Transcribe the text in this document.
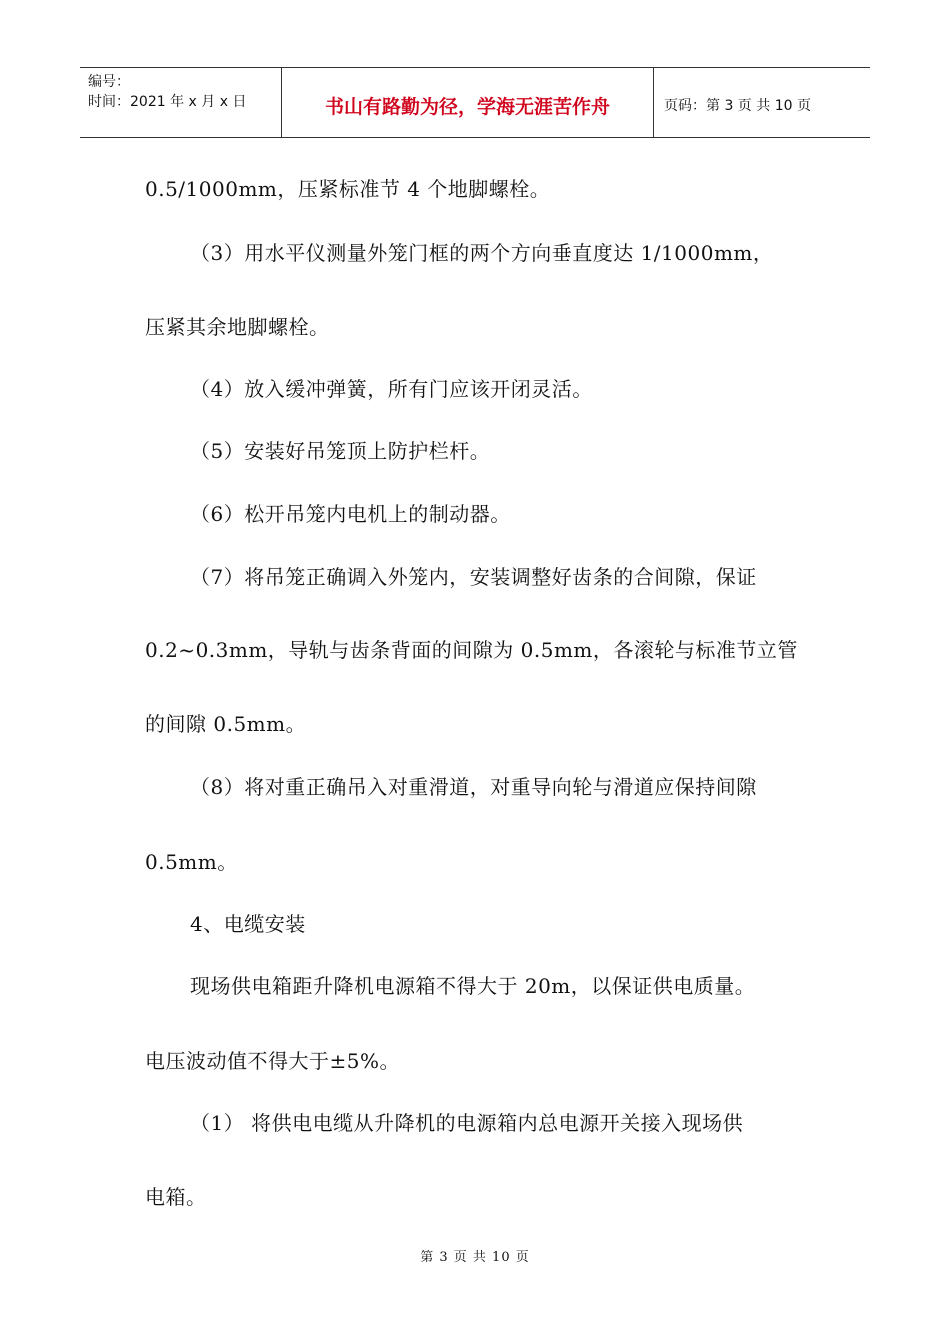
编号：
时间：2021 年 x 月 x 日	书山有路勤为径，学海无涯苦作舟	页码：第 3 页 共 10 页
0.5/1000mm，压紧标准节 4 个地脚螺栓。
（3）用水平仪测量外笼门框的两个方向垂直度达 1/1000mm，
压紧其余地脚螺栓。
（4）放入缓冲弹簧，所有门应该开闭灵活。
（5）安装好吊笼顶上防护栏杆。
（6）松开吊笼内电机上的制动器。
（7）将吊笼正确调入外笼内，安装调整好齿条的合间隙，保证
0.2~0.3mm，导轨与齿条背面的间隙为 0.5mm，各滚轮与标准节立管
的间隙 0.5mm。
（8）将对重正确吊入对重滑道，对重导向轮与滑道应保持间隙
0.5mm。
4、电缆安装
现场供电箱距升降机电源箱不得大于 20m，以保证供电质量。
电压波动值不得大于±5%。
（1） 将供电电缆从升降机的电源箱内总电源开关接入现场供
电箱。
第 3 页 共 10 页
